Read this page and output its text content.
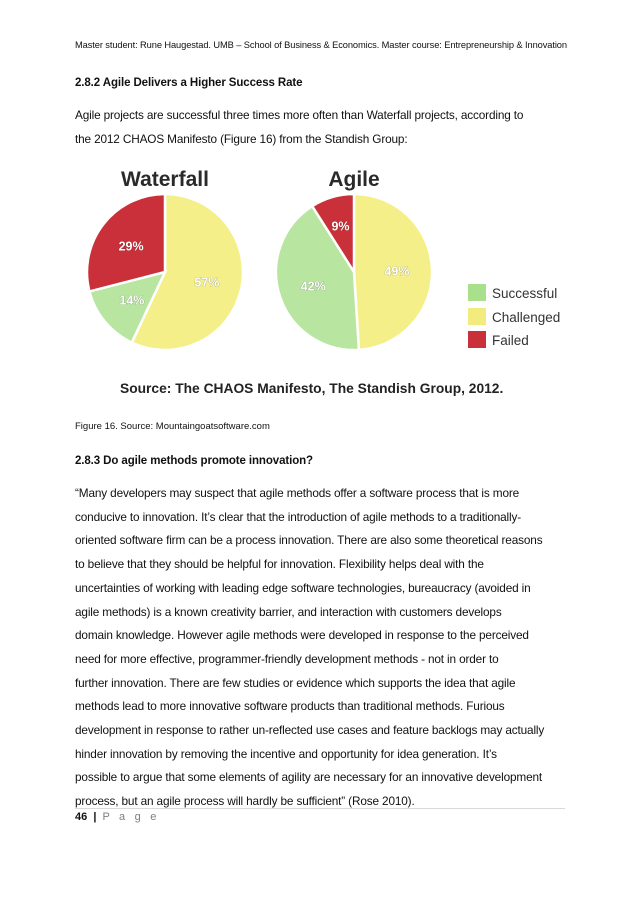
Master student: Rune Haugestad. UMB – School of Business & Economics. Master course: Entrepreneurship & Innovation
2.8.2 Agile Delivers a Higher Success Rate

Agile projects are successful three times more often than Waterfall projects, according to
the 2012 CHAOS Manifesto (Figure 16) from the Standish Group:

Waterfall
57%
14%
29%
Agile
49%
42%
9%
Successful
Challenged
Failed
Source: The CHAOS Manifesto, The Standish Group, 2012.
Figure 16. Source: Mountaingoatsoftware.com
2.8.3 Do agile methods promote innovation?

“Many developers may suspect that agile methods offer a software process that is more
conducive to innovation. It’s clear that the introduction of agile methods to a traditionally-
oriented software firm can be a process innovation. There are also some theoretical reasons
to believe that they should be helpful for innovation. Flexibility helps deal with the
uncertainties of working with leading edge software technologies, bureaucracy (avoided in
agile methods) is a known creativity barrier, and interaction with customers develops
domain knowledge. However agile methods were developed in response to the perceived
need for more effective, programmer-friendly development methods - not in order to
further innovation. There are few studies or evidence which supports the idea that agile
methods lead to more innovative software products than traditional methods. Furious
development in response to rather un-reflected use cases and feature backlogs may actually
hinder innovation by removing the incentive and opportunity for idea generation. It’s
possible to argue that some elements of agility are necessary for an innovative development
process, but an agile process will hardly be sufficient” (Rose 2010).

46 | P a g e
